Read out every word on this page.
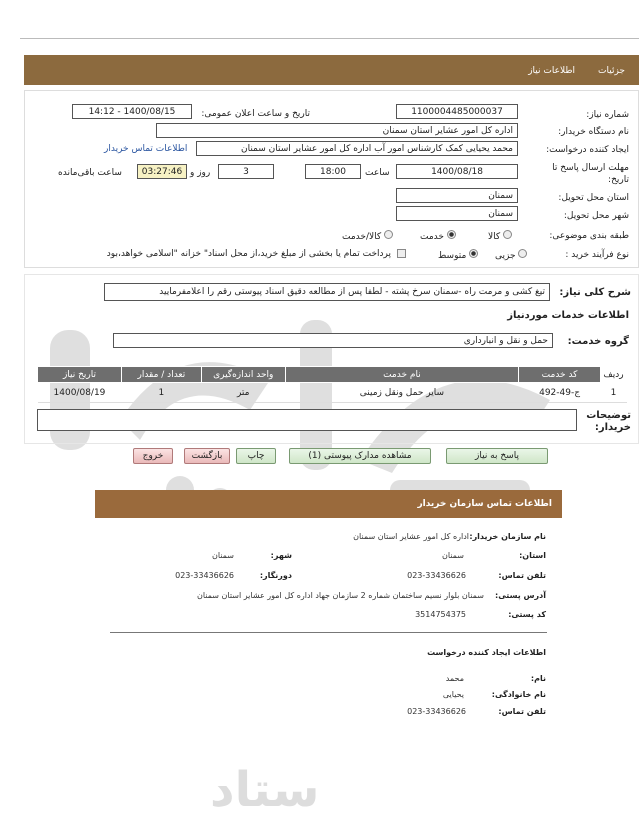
جزئیات
اطلاعات نیاز
شماره نیاز:
1100004485000037
تاریخ و ساعت اعلان عمومی:
1400/08/15 - 14:12
نام دستگاه خریدار:
اداره کل امور عشایر استان سمنان
ایجاد کننده درخواست:
محمد یحیایی کمک کارشناس امور آب اداره کل امور عشایر استان سمنان
اطلاعات تماس خریدار
مهلت ارسال پاسخ تا تاریخ:
1400/08/18
ساعت
18:00
3
روز و
03:27:46
ساعت باقی‌مانده
استان محل تحویل:
سمنان
شهر محل تحویل:
سمنان
طبقه بندی موضوعی:
کالا
خدمت
کالا/خدمت
نوع فرآیند خرید :
جزیی
متوسط
پرداخت تمام یا بخشی از مبلغ خرید،از محل اسناد" خزانه "اسلامی خواهد،بود
شرح کلی نیاز:
تیغ کشی و مرمت راه -سمنان سرخ پشته - لطفا پس از مطالعه دقیق اسناد پیوستی رقم را اعلامفرمایید
اطلاعات خدمات موردنیاز
گروه خدمت:
حمل و نقل و انبارداری
ردیف	کد خدمت	نام خدمت	واحد اندازه‌گیری	تعداد / مقدار	تاریخ نیاز
1	ج-49-492	سایر حمل ونقل زمینی	متر	1	1400/08/19
توضیحات خریدار:
پاسخ به نیاز
مشاهده مدارک پیوستی (1)
چاپ
بازگشت
خروج
اطلاعات تماس سازمان خریدار
نام سازمان خریدار:
اداره کل امور عشایر استان سمنان
استان:
سمنان
شهر:
سمنان
تلفن تماس:
023-33436626
دورنگار:
023-33436626
آدرس پستی:
سمنان بلوار نسیم ساختمان شماره 2 سازمان جهاد اداره کل امور عشایر استان سمنان
کد پستی:
3514754375
اطلاعات ایجاد کننده درخواست
نام:
محمد
نام خانوادگی:
یحیایی
تلفن تماس:
023-33436626
ستاد
